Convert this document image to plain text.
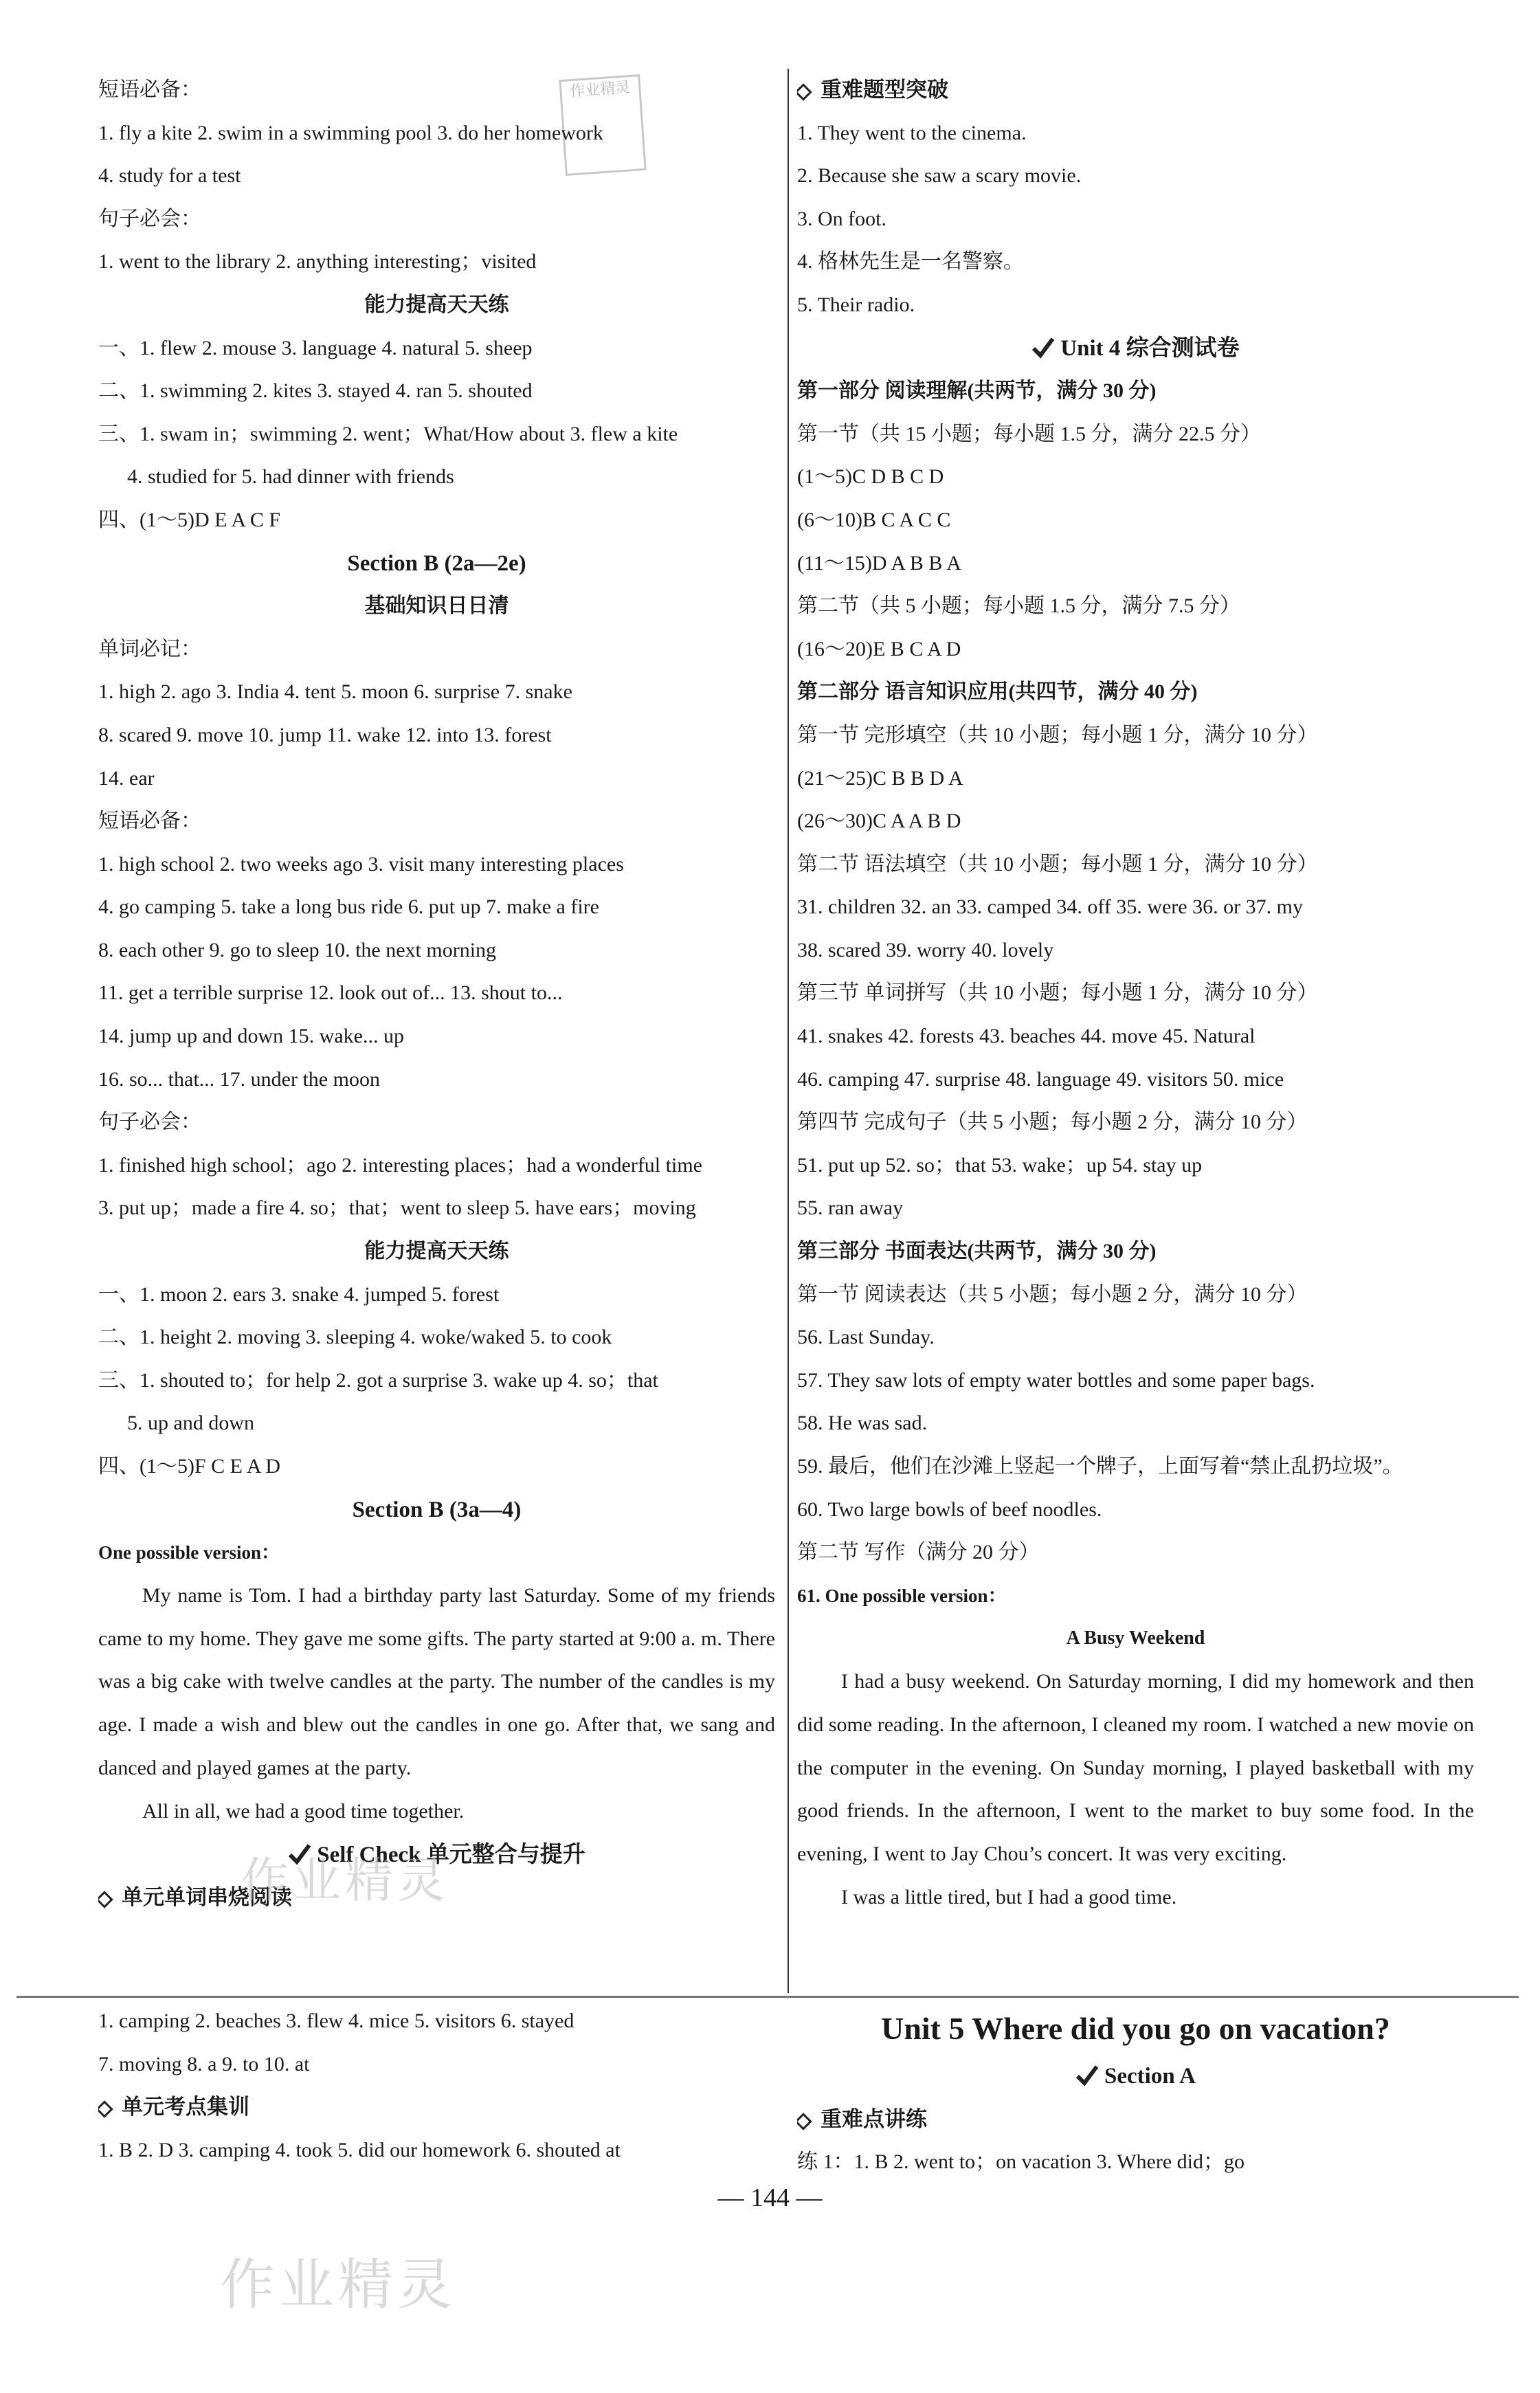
作业精灵
短语必备：
1. fly a kite 2. swim in a swimming pool 3. do her homework
4. study for a test
句子必会：
1. went to the library 2. anything interesting；visited
能力提高天天练
一、1. flew 2. mouse 3. language 4. natural 5. sheep
二、1. swimming 2. kites 3. stayed 4. ran 5. shouted
三、1. swam in；swimming 2. went；What/How about 3. flew a kite
4. studied for 5. had dinner with friends
四、(1～5)D E A C F
Section B (2a—2e)
基础知识日日清
单词必记：
1. high 2. ago 3. India 4. tent 5. moon 6. surprise 7. snake
8. scared 9. move 10. jump 11. wake 12. into 13. forest
14. ear
短语必备：
1. high school 2. two weeks ago 3. visit many interesting places
4. go camping 5. take a long bus ride 6. put up 7. make a fire
8. each other 9. go to sleep 10. the next morning
11. get a terrible surprise 12. look out of... 13. shout to...
14. jump up and down 15. wake... up
16. so... that... 17. under the moon
句子必会：
1. finished high school；ago 2. interesting places；had a wonderful time
3. put up；made a fire 4. so；that；went to sleep 5. have ears；moving
能力提高天天练
一、1. moon 2. ears 3. snake 4. jumped 5. forest
二、1. height 2. moving 3. sleeping 4. woke/waked 5. to cook
三、1. shouted to；for help 2. got a surprise 3. wake up 4. so；that
5. up and down
四、(1～5)F C E A D
Section B (3a—4)
One possible version：

My name is Tom. I had a birthday party last Saturday. Some of my friends came to my home. They gave me some gifts. The party started at 9:00 a. m. There was a big cake with twelve candles at the party. The number of the candles is my age. I made a wish and blew out the candles in one go. After that, we sang and danced and played games at the party.

All in all, we had a good time together.

Self Check 单元整合与提升
单元单词串烧阅读
重难题型突破
1. They went to the cinema.
2. Because she saw a scary movie.
3. On foot.
4. 格林先生是一名警察。
5. Their radio.
Unit 4 综合测试卷
第一部分 阅读理解(共两节，满分 30 分)
第一节（共 15 小题；每小题 1.5 分，满分 22.5 分）
(1～5)C D B C D
(6～10)B C A C C
(11～15)D A B B A
第二节（共 5 小题；每小题 1.5 分，满分 7.5 分）
(16～20)E B C A D
第二部分 语言知识应用(共四节，满分 40 分)
第一节 完形填空（共 10 小题；每小题 1 分，满分 10 分）
(21～25)C B B D A
(26～30)C A A B D
第二节 语法填空（共 10 小题；每小题 1 分，满分 10 分）
31. children 32. an 33. camped 34. off 35. were 36. or 37. my
38. scared 39. worry 40. lovely
第三节 单词拼写（共 10 小题；每小题 1 分，满分 10 分）
41. snakes 42. forests 43. beaches 44. move 45. Natural
46. camping 47. surprise 48. language 49. visitors 50. mice
第四节 完成句子（共 5 小题；每小题 2 分，满分 10 分）
51. put up 52. so；that 53. wake；up 54. stay up
55. ran away
第三部分 书面表达(共两节，满分 30 分)
第一节 阅读表达（共 5 小题；每小题 2 分，满分 10 分）
56. Last Sunday.
57. They saw lots of empty water bottles and some paper bags.
58. He was sad.
59. 最后，他们在沙滩上竖起一个牌子，上面写着“禁止乱扔垃圾”。
60. Two large bowls of beef noodles.
第二节 写作（满分 20 分）
61. One possible version：
A Busy Weekend

I had a busy weekend. On Saturday morning, I did my homework and then did some reading. In the afternoon, I cleaned my room. I watched a new movie on the computer in the evening. On Sunday morning, I played basketball with my good friends. In the afternoon, I went to the market to buy some food. In the evening, I went to Jay Chou’s concert. It was very exciting.

I was a little tired, but I had a good time.

1. camping 2. beaches 3. flew 4. mice 5. visitors 6. stayed
7. moving 8. a 9. to 10. at
单元考点集训
1. B 2. D 3. camping 4. took 5. did our homework 6. shouted at
Unit 5 Where did you go on vacation?
Section A
重难点讲练
练 1：1. B 2. went to；on vacation 3. Where did；go
— 144 —
作业精灵
作业精灵
